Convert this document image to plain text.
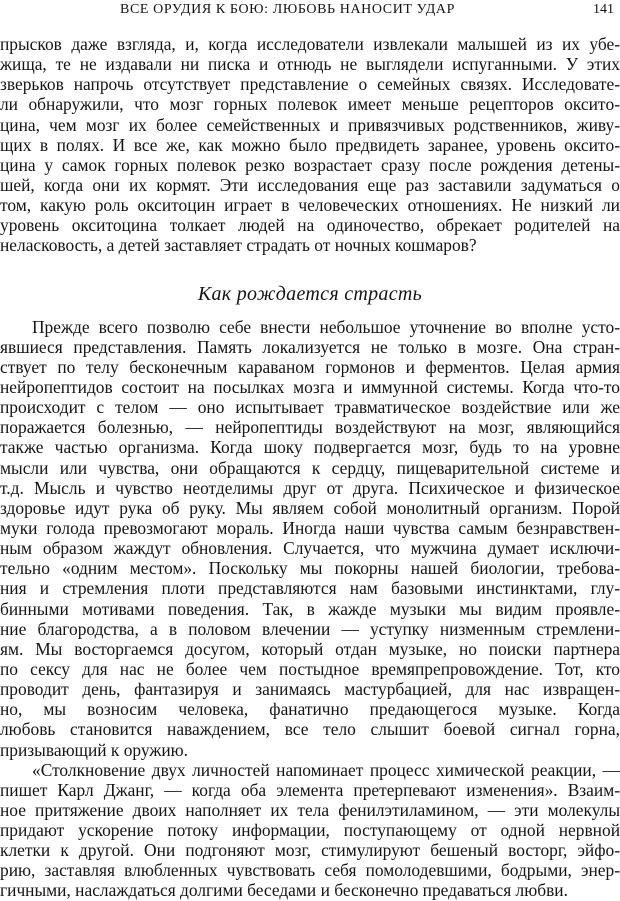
ВСЕ ОРУДИЯ К БОЮ: ЛЮБОВЬ НАНОСИТ УДАР	141
прысков даже взгляда, и, когда исследователи извлекали малышей из их убе-
жища, те не издавали ни писка и отнюдь не выглядели испуганными. У этих
зверьков напрочь отсутствует представление о семейных связях. Исследовате-
ли обнаружили, что мозг горных полевок имеет меньше рецепторов окситo-
цина, чем мозг их более семейственных и привязчивых родственников, живу-
щих в полях. И все же, как можно было предвидеть заранее, уровень окситo-
цина у самок горных полевок резко возрастает сразу после рождения детены-
шей, когда они их кормят. Эти исследования еще раз заставили задуматься о
том, какую роль окситоцин играет в человеческих отношениях. Не низкий ли
уровень окситоцина толкает людей на одиночество, обрекает родителей на
неласковость, а детей заставляет страдать от ночных кошмаров?
Как рождается страсть
Прежде всего позволю себе внести небольшое уточнение во вполне усто-
явшиеся представления. Память локализуется не только в мозге. Она стран-
ствует по телу бесконечным караваном гормонов и ферментов. Целая армия
нейропептидов состоит на посылках мозга и иммунной системы. Когда что-то
происходит с телом — оно испытывает травматическое воздействие или же
поражается болезнью, — нейропептиды воздействуют на мозг, являющийся
также частью организма. Когда шоку подвергается мозг, будь то на уровне
мысли или чувства, они обращаются к сердцу, пищеварительной системе и
т.д. Мысль и чувство неотделимы друг от друга. Психическое и физическое
здоровье идут рука об руку. Мы являем собой монолитный организм. Порой
муки голода превозмогают мораль. Иногда наши чувства самым безнравствен-
ным образом жаждут обновления. Случается, что мужчина думает исключи-
тельно «одним местом». Поскольку мы покорны нашей биологии, требова-
ния и стремления плоти представляются нам базовыми инстинктами, глу-
бинными мотивами поведения. Так, в жажде музыки мы видим проявле-
ние благородства, а в половом влечении — уступку низменным стремлени-
ям. Мы восторгаемся досугом, который отдан музыке, но поиски партнера
по сексу для нас не более чем постыдное времяпрепровождение. Тот, кто
проводит день, фантазируя и занимаясь мастурбацией, для нас извращен-
но, мы возносим человека, фанатично предающегося музыке. Когда
любовь становится наваждением, все тело слышит боевой сигнал горна,
призывающий к оружию.
«Столкновение двух личностей напоминает процесс химической реакции, —
пишет Карл Джанг, — когда оба элемента претерпевают изменения». Взаим-
ное притяжение двоих наполняет их тела фенилэтиламином, — эти молекулы
придают ускорение потоку информации, поступающему от одной нервной
клетки к другой. Они подгоняют мозг, стимулируют бешеный восторг, эйфо-
рию, заставляя влюбленных чувствовать себя помолодевшими, бодрыми, энер-
гичными, наслаждаться долгими беседами и бесконечно предаваться любви.
